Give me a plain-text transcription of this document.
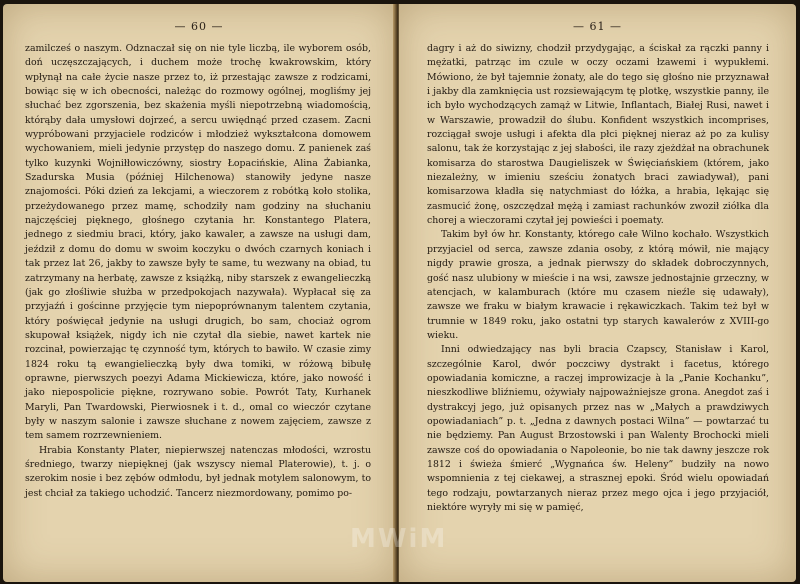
— 60 —

zamilcześ o naszym. Odznaczał się on nie tyle liczbą, ile wyborem osób, doń uczęszczających, i duchem może trochę kwakrowskim, który wpłynął na całe życie nasze przez to, iż przestając zawsze z rodzicami, bowiąc się w ich obecności, należąc do rozmowy ogólnej, mogliśmy jej słuchać bez zgorszenia, bez skażenia myśli niepotrzebną wiadomością, którąby dała umysłowi dojrzeć, a sercu uwiędnąć przed czasem. Zacni wypróbowani przyjaciele rodziców i młodzież wykształcona domowem wychowaniem, mieli jedynie przystęp do naszego domu. Z panienek zaś tylko kuzynki Wojniłłowiczówny, siostry Łopacińskie, Alina Żabianka, Szadurska Musia (później Hilchenowa) stanowiły jedyne nasze znajomości. Póki dzień za lekcjami, a wieczorem z robótką koło stolika, przeżydowanego przez mamę, schodziły nam godziny na słuchaniu najczęściej pięknego, głośnego czytania hr. Konstantego Platera, jednego z siedmiu braci, który, jako kawaler, a zawsze na usługi dam, jeździł z domu do domu w swoim koczyku o dwóch czarnych koniach i tak przez lat 26, jakby to zawsze były te same, tu wezwany na obiad, tu zatrzymany na herbatę, zawsze z książką, niby starszek z ewangelieczką (jak go złośliwie służba w przedpokojach nazywała). Wypłacał się za przyjaźń i gościnne przyjęcie tym niepoprównanym talentem czytania, który poświęcał jedynie na usługi drugich, bo sam, chociaż ogrom skupował książek, nigdy ich nie czytał dla siebie, nawet kartek nie rozcinał, powierzając tę czynność tym, których to bawiło. W czasie zimy 1824 roku tą ewangielieczką były dwa tomiki, w różową bibułę oprawne, pierwszych poezyi Adama Mickiewicza, które, jako nowość i jako niepospolicie piękne, rozrywano sobie. Powrót Taty, Kurhanek Maryli, Pan Twardowski, Pierwiosnek i t. d., omal co wieczór czytane były w naszym salonie i zawsze słuchane z nowem zajęciem, zawsze z tem samem rozrzewnieniem.

Hrabia Konstanty Plater, niepierwszej natenczas młodości, wzrostu średniego, twarzy niepięknej (jak wszyscy niemal Platerowie), t. j. o szerokim nosie i bez zębów odmłodu, był jednak motylem salonowym, to jest chciał za takiego uchodzić. Tancerz niezmordowany, pomimo po-

— 61 —

dagry i aż do siwizny, chodził przydygając, a ściskał za rączki panny i mężatki, patrząc im czule w oczy oczami łzawemi i wypukłemi. Mówiono, że był tajemnie żonaty, ale do tego się głośno nie przyznawał i jakby dla zamknięcia ust rozsiewającym tę plotkę, wszystkie panny, ile ich było wychodzących zamąż w Litwie, Inflantach, Białej Rusi, nawet i w Warszawie, prowadził do ślubu. Konfident wszystkich incomprises, rozciągał swoje usługi i afekta dla płci pięknej nieraz aż po za kulisy salonu, tak że korzystając z jej słabości, ile razy zjeżdżał na obrachunek komisarza do starostwa Daugieliszek w Święciańskiem (którem, jako niezależny, w imieniu sześciu żonatych braci zawiadywał), pani komisarzowa kładła się natychmiast do łóżka, a hrabia, lękając się zasmucić żonę, oszczędzał mężą i zamiast rachunków zwoził ziółka dla chorej a wieczorami czytał jej powieści i poematy.

Takim był ów hr. Konstanty, którego całe Wilno kochało. Wszystkich przyjaciel od serca, zawsze zdania osoby, z którą mówił, nie mający nigdy prawie grosza, a jednak pierwszy do składek dobroczynnych, gość nasz ulubiony w mieście i na wsi, zawsze jednostajnie grzeczny, w atencjach, w kalamburach (które mu czasem nieźle się udawały), zawsze we fraku w białym krawacie i rękawiczkach. Takim też był w trumnie w 1849 roku, jako ostatni typ starych kawalerów z XVIII-go wieku.

Inni odwiedzający nas byli bracia Czapscy, Stanisław i Karol, szczególnie Karol, dwór poczciwy dystrakt i facetus, którego opowiadania komiczne, a raczej improwizacje à la „Panie Kochanku”, nieszkodliwe bliźniemu, ożywiały najpoważniejsze grona. Anegdot zaś i dystrakcyj jego, już opisanych przez nas w „Małych a prawdziwych opowiadaniach” p. t. „Jedna z dawnych postaci Wilna” — powtarzać tu nie będziemy. Pan August Brzostowski i pan Walenty Brochocki mieli zawsze coś do opowiadania o Napoleonie, bo nie tak dawny jeszcze rok 1812 i świeża śmierć „Wygnańca św. Heleny” budziły na nowo wspomnienia z tej ciekawej, a strasznej epoki. Śród wielu opowiadań tego rodzaju, powtarzanych nieraz przez mego ojca i jego przyjaciół, niektóre wyryły mi się w pamięć,

MWiM
